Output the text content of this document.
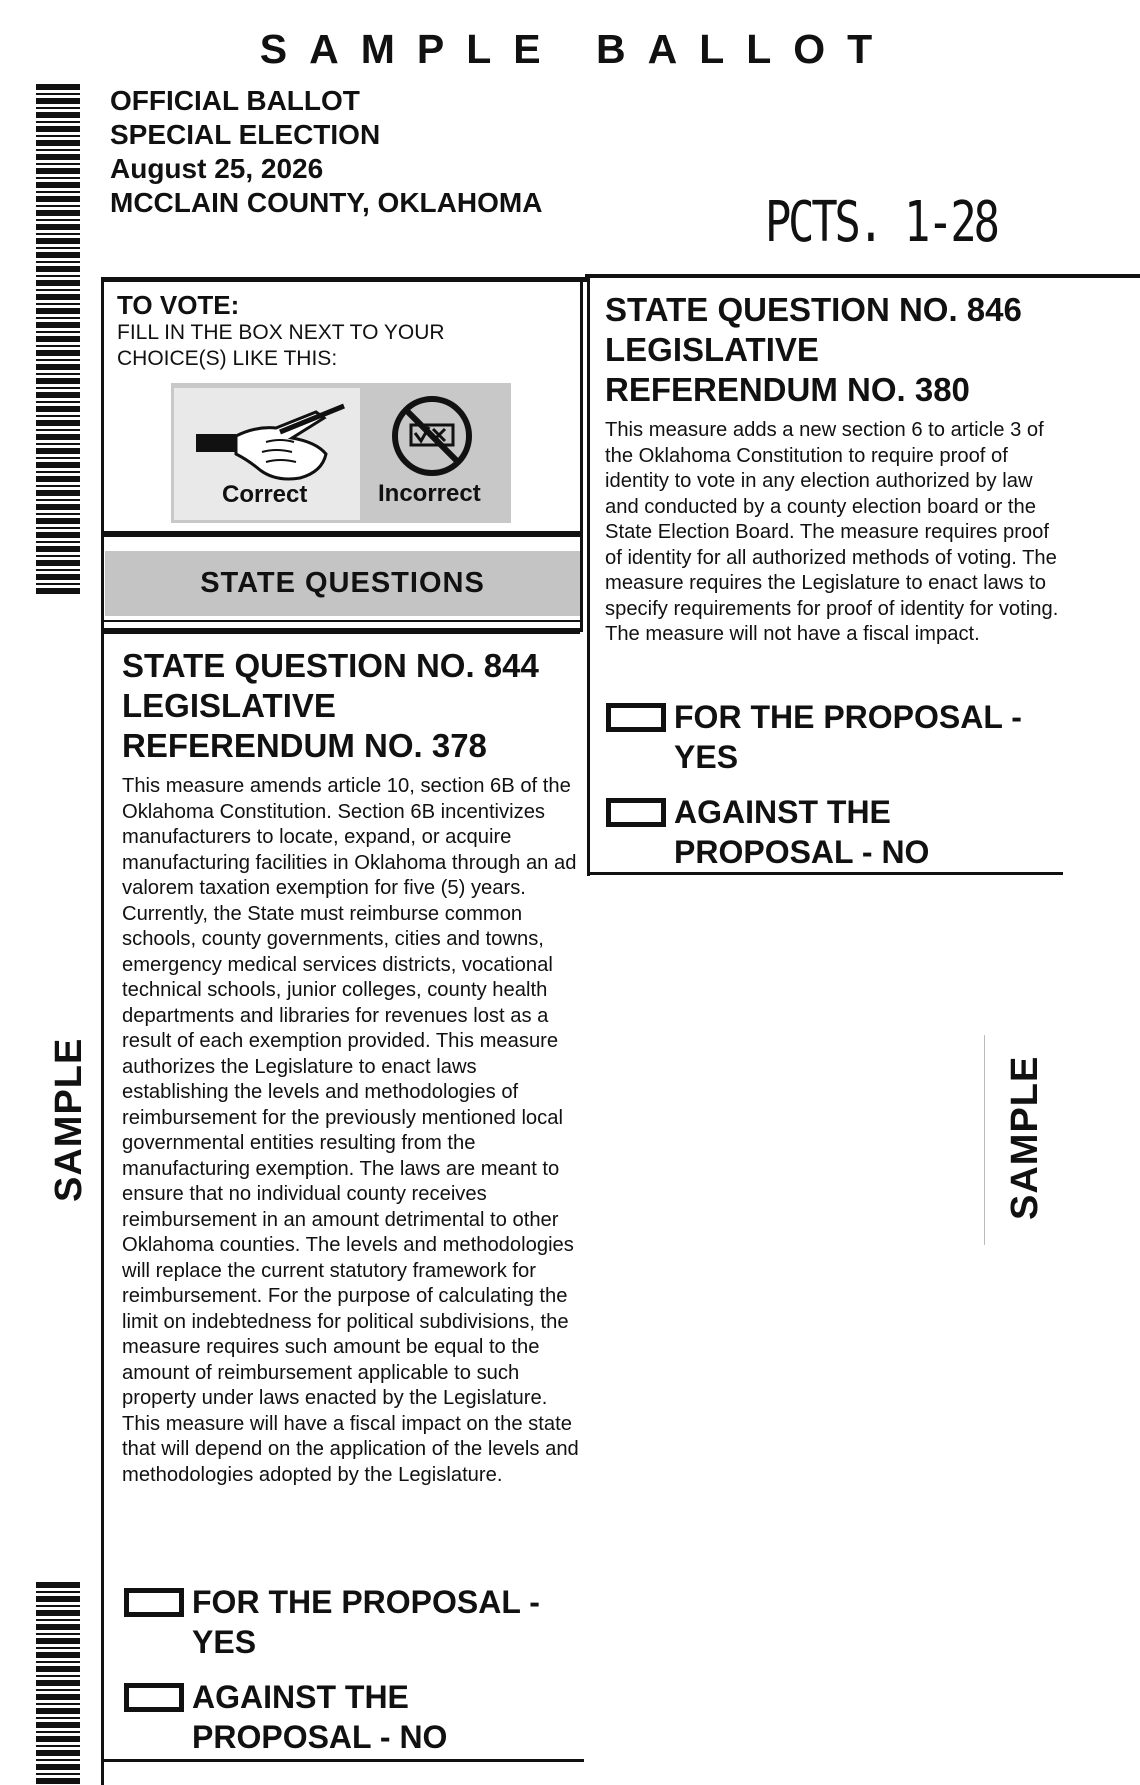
SAMPLE BALLOT
OFFICIAL BALLOT
SPECIAL ELECTION
August 25, 2026
MCCLAIN COUNTY, OKLAHOMA	PCTS. 1-28
SAMPLE	SAMPLE
TO VOTE:
FILL IN THE BOX NEXT TO YOUR
CHOICE(S) LIKE THIS:
Correct	Incorrect
STATE QUESTIONS
STATE QUESTION NO. 844
LEGISLATIVE
REFERENDUM NO. 378
This measure amends article 10, section 6B of the Oklahoma Constitution. Section 6B incentivizes manufacturers to locate, expand, or acquire manufacturing facilities in Oklahoma through an ad valorem taxation exemption for five (5) years. Currently, the State must reimburse common schools, county governments, cities and towns, emergency medical services districts, vocational technical schools, junior colleges, county health departments and libraries for revenues lost as a result of each exemption provided. This measure authorizes the Legislature to enact laws establishing the levels and methodologies of reimbursement for the previously mentioned local governmental entities resulting from the manufacturing exemption. The laws are meant to ensure that no individual county receives reimbursement in an amount detrimental to other Oklahoma counties. The levels and methodologies will replace the current statutory framework for reimbursement. For the purpose of calculating the limit on indebtedness for political subdivisions, the measure requires such amount be equal to the amount of reimbursement applicable to such property under laws enacted by the Legislature. This measure will have a fiscal impact on the state that will depend on the application of the levels and methodologies adopted by the Legislature.
FOR THE PROPOSAL -
YES
AGAINST THE
PROPOSAL - NO
STATE QUESTION NO. 846
LEGISLATIVE
REFERENDUM NO. 380
This measure adds a new section 6 to article 3 of the Oklahoma Constitution to require proof of identity to vote in any election authorized by law and conducted by a county election board or the State Election Board. The measure requires proof of identity for all authorized methods of voting. The measure requires the Legislature to enact laws to specify requirements for proof of identity for voting. The measure will not have a fiscal impact.
FOR THE PROPOSAL -
YES
AGAINST THE
PROPOSAL - NO
